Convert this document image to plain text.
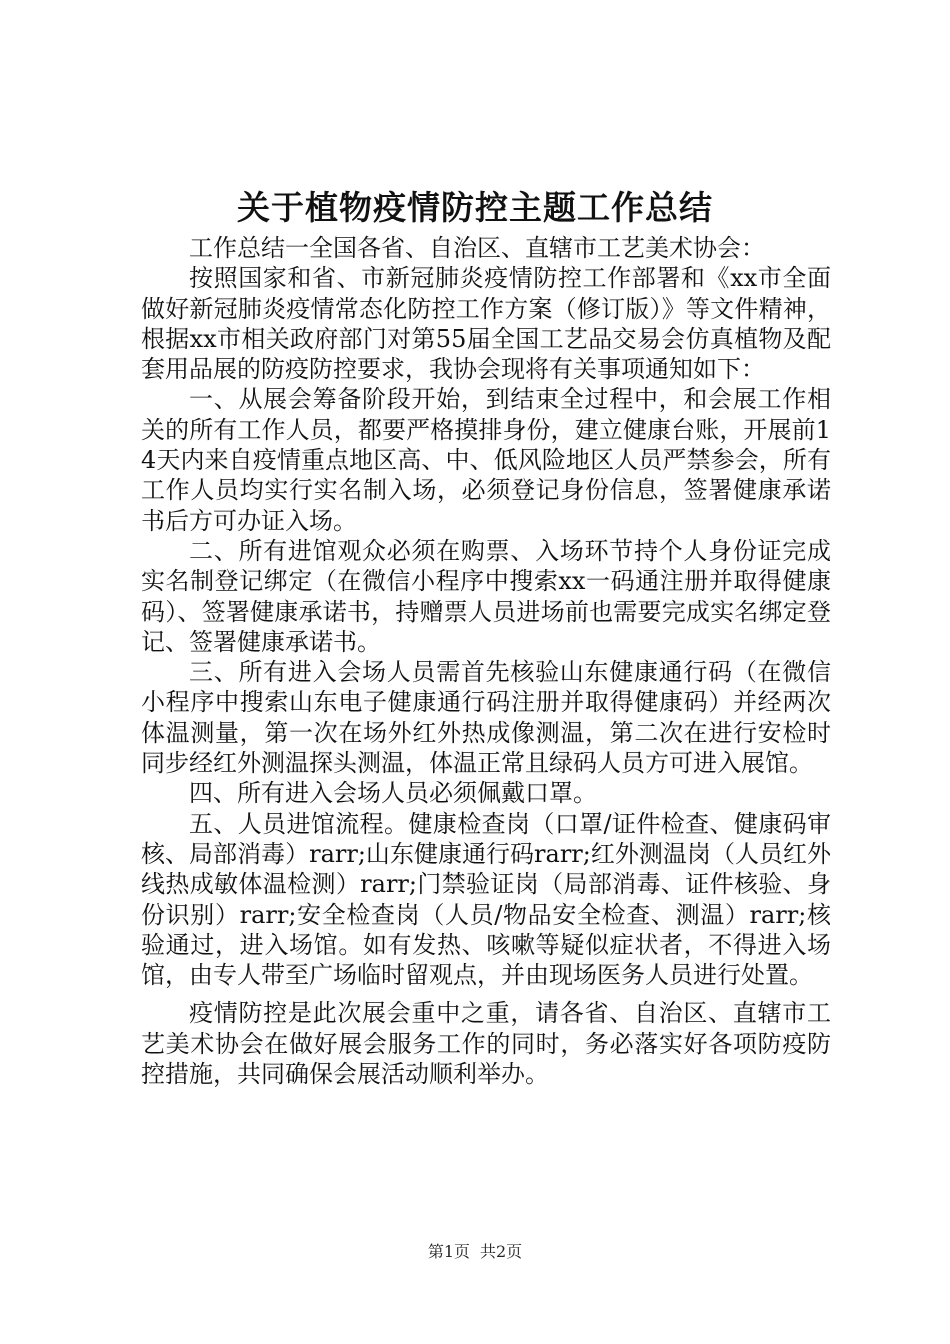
关于植物疫情防控主题工作总结

工作总结一全国各省、自治区、直辖市工艺美术协会：

按照国家和省、市新冠肺炎疫情防控工作部署和《xx市全面做好新冠肺炎疫情常态化防控工作方案（修订版）》等文件精神，根据xx市相关政府部门对第55届全国工艺品交易会仿真植物及配套用品展的防疫防控要求，我协会现将有关事项通知如下：

一、从展会筹备阶段开始，到结束全过程中，和会展工作相关的所有工作人员，都要严格摸排身份，建立健康台账，开展前14天内来自疫情重点地区高、中、低风险地区人员严禁参会，所有工作人员均实行实名制入场，必须登记身份信息，签署健康承诺书后方可办证入场。

二、所有进馆观众必须在购票、入场环节持个人身份证完成实名制登记绑定（在微信小程序中搜索xx一码通注册并取得健康码）、签署健康承诺书，持赠票人员进场前也需要完成实名绑定登记、签署健康承诺书。

三、所有进入会场人员需首先核验山东健康通行码（在微信小程序中搜索山东电子健康通行码注册并取得健康码）并经两次体温测量，第一次在场外红外热成像测温，第二次在进行安检时同步经红外测温探头测温，体温正常且绿码人员方可进入展馆。

四、所有进入会场人员必须佩戴口罩。

五、人员进馆流程。健康检查岗（口罩/证件检查、健康码审核、局部消毒）rarr;山东健康通行码rarr;红外测温岗（人员红外线热成敏体温检测）rarr;门禁验证岗（局部消毒、证件核验、身份识别）rarr;安全检查岗（人员/物品安全检查、测温）rarr;核验通过，进入场馆。如有发热、咳嗽等疑似症状者，不得进入场馆，由专人带至广场临时留观点，并由现场医务人员进行处置。

疫情防控是此次展会重中之重，请各省、自治区、直辖市工艺美术协会在做好展会服务工作的同时，务必落实好各项防疫防控措施，共同确保会展活动顺利举办。

第1页 共2页
